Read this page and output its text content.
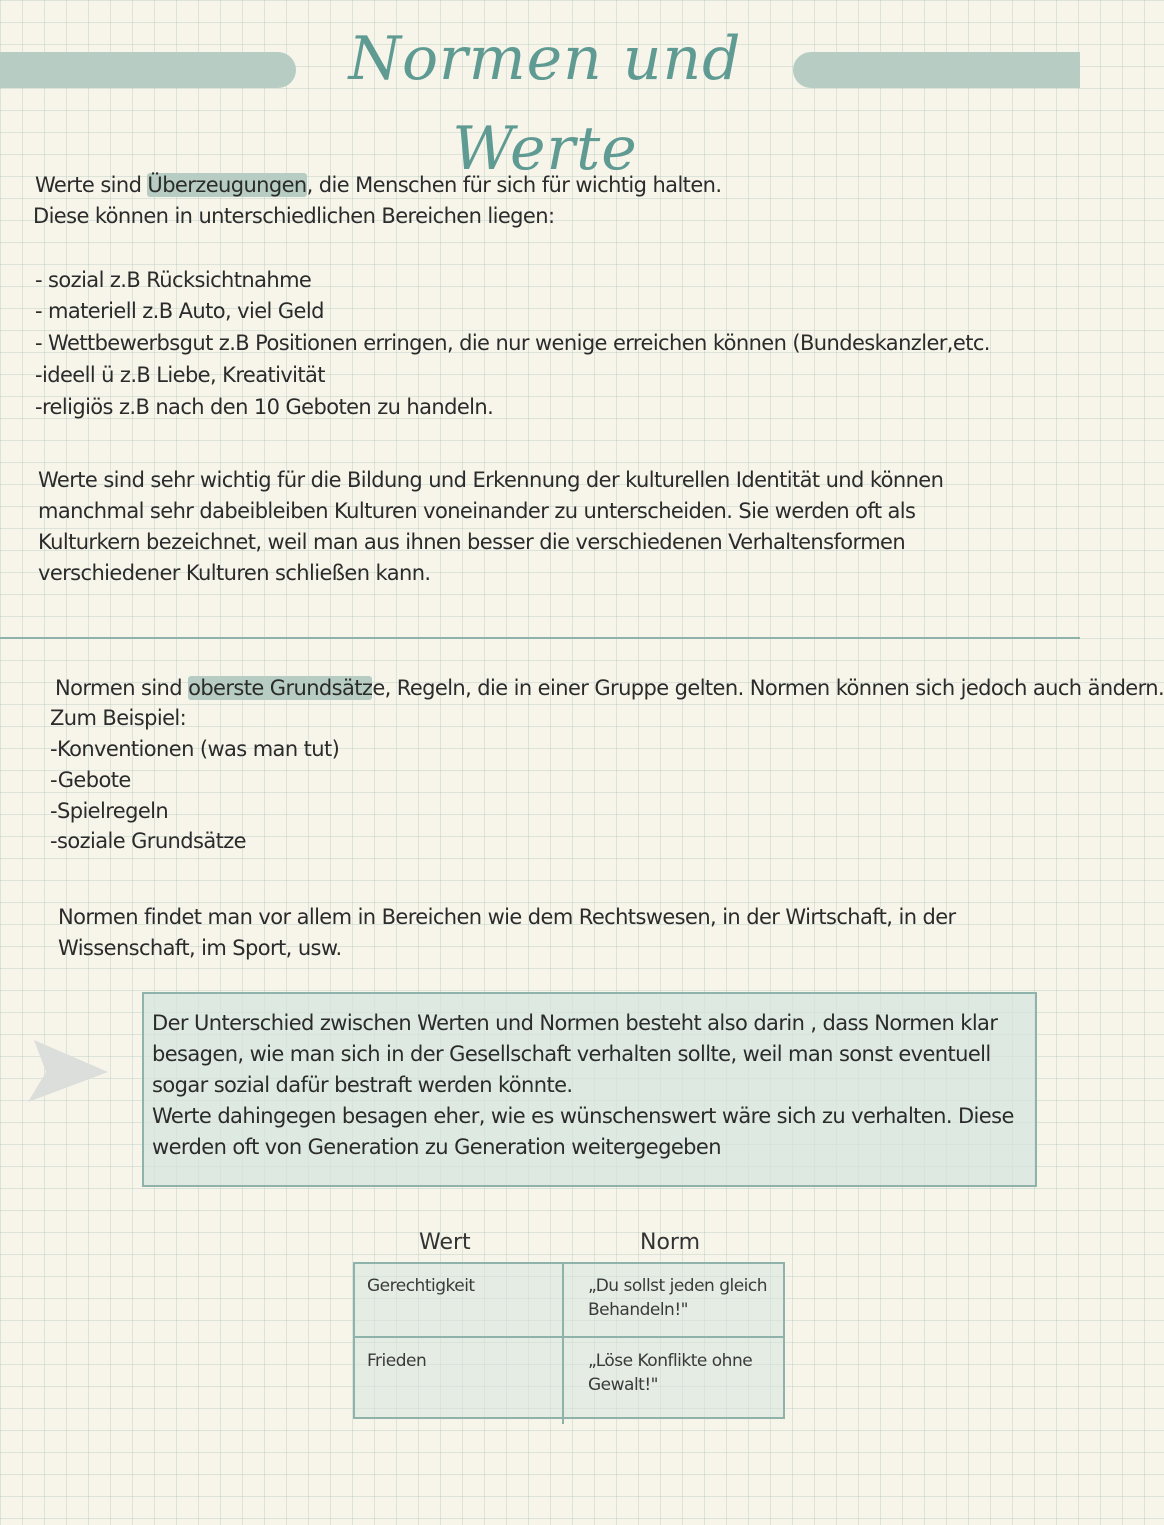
Normen und Werte
Werte sind Überzeugungen, die Menschen für sich für wichtig halten.
Diese können in unterschiedlichen Bereichen liegen:
- sozial z.B Rücksichtnahme
- materiell z.B Auto, viel Geld
- Wettbewerbsgut z.B Positionen erringen, die nur wenige erreichen können (Bundeskanzler,etc.
-ideell ü z.B Liebe, Kreativität
-religiös z.B nach den 10 Geboten zu handeln.
Werte sind sehr wichtig für die Bildung und Erkennung der kulturellen Identität und können manchmal sehr dabeibleiben Kulturen voneinander zu unterscheiden. Sie werden oft als Kulturkern bezeichnet, weil man aus ihnen besser die verschiedenen Verhaltensformen verschiedener Kulturen schließen kann.
Normen sind oberste Grundsätze, Regeln, die in einer Gruppe gelten. Normen können sich jedoch auch ändern.
Zum Beispiel:
-Konventionen (was man tut)
-Gebote
-Spielregeln
-soziale Grundsätze
Normen findet man vor allem in Bereichen wie dem Rechtswesen, in der Wirtschaft, in der Wissenschaft, im Sport, usw.
Der Unterschied zwischen Werten und Normen besteht also darin , dass Normen klar besagen, wie man sich in der Gesellschaft verhalten sollte, weil man sonst eventuell sogar sozial dafür bestraft werden könnte.
Werte dahingegen besagen eher, wie es wünschenswert wäre sich zu verhalten. Diese werden oft von Generation zu Generation weitergegeben
Wert	Norm
Gerechtigkeit	„Du sollst jeden gleich Behandeln!"
Frieden	„Löse Konflikte ohne Gewalt!"
